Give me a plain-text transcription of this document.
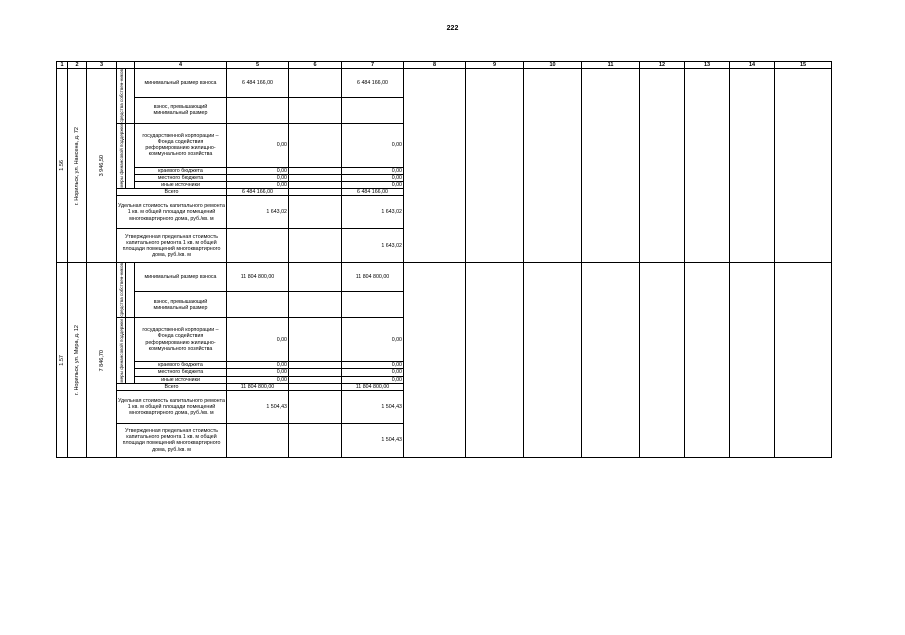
222
1	2	3			4	5	6	7	8	9	10	11	12	13	14	15

1.56	г. Норильск, ул. Нансена, д. 72	3 946,50	средства собствен-ников		минимальный размер взноса	6 484 166,00		6 484 166,00								
					взнос, превышающий минимальный размер											

			меры финансовой поддержки		государственной корпорации – Фонда содействия реформированию жилищно-коммунального хозяйства	0,00		0,00								
					краевого бюджета	0,00		0,00								
					местного бюджета	0,00		0,00								
					иные источники	0,00		0,00								
			Всего			6 484 166,00		6 484 166,00								
			Удельная стоимость капитального ремонта 1 кв. м общей площади помещений многоквартирного дома, руб./кв. м			1 643,02		1 643,02								
			Утвержденная предельная стоимость капитального ремонта 1 кв. м общей площади помещений многоквартирного дома, руб./кв. м					1 643,02								

1.57	г. Норильск, ул. Мира, д. 12	7 846,70	средства собствен-ников		минимальный размер взноса	11 804 800,00		11 804 800,00								
					взнос, превышающий минимальный размер											

			меры финансовой поддержки		государственной корпорации – Фонда содействия реформированию жилищно-коммунального хозяйства	0,00		0,00								
					краевого бюджета	0,00		0,00								
					местного бюджета	0,00		0,00								
					иные источники	0,00		0,00								
			Всего			11 804 800,00		11 804 800,00								
			Удельная стоимость капитального ремонта 1 кв. м общей площади помещений многоквартирного дома, руб./кв. м			1 504,43		1 504,43								
			Утвержденная предельная стоимость капитального ремонта 1 кв. м общей площади помещений многоквартирного дома, руб./кв. м					1 504,43								
